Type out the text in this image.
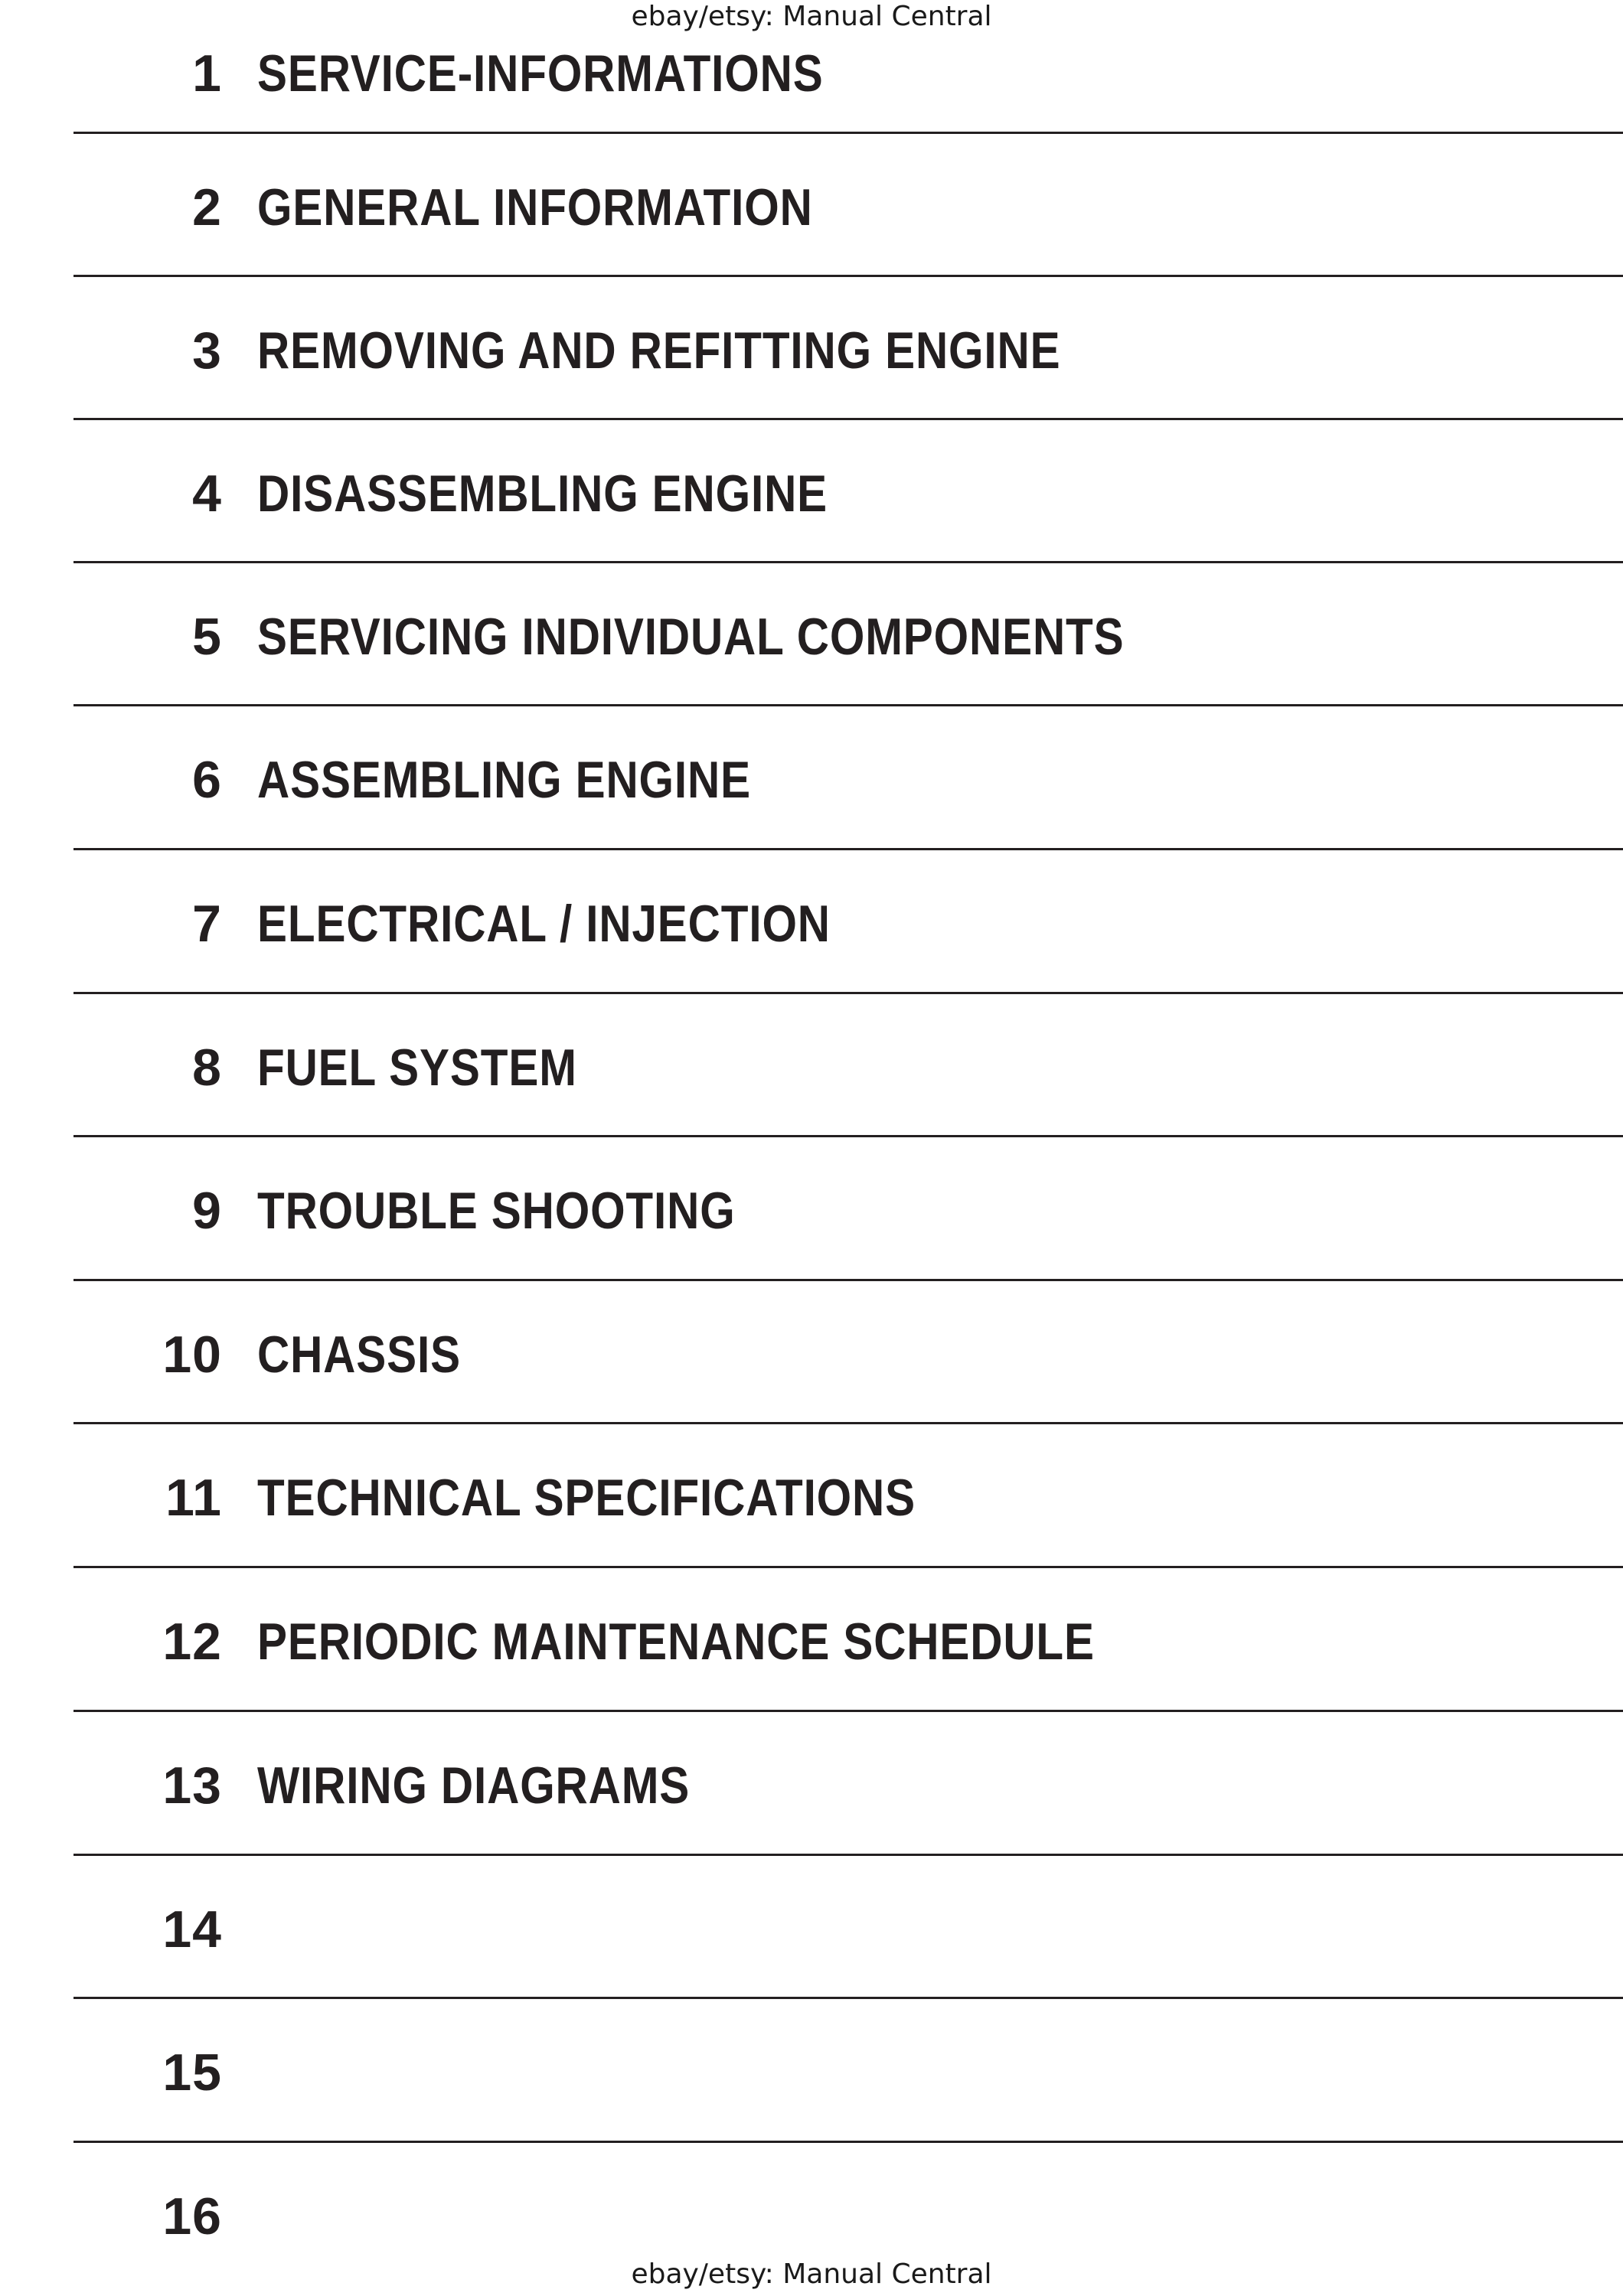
ebay/etsy: Manual Central
1 SERVICE-INFORMATIONS
2 GENERAL INFORMATION
3 REMOVING AND REFITTING ENGINE
4 DISASSEMBLING ENGINE
5 SERVICING INDIVIDUAL COMPONENTS
6 ASSEMBLING ENGINE
7 ELECTRICAL / INJECTION
8 FUEL SYSTEM
9 TROUBLE SHOOTING
10 CHASSIS
11 TECHNICAL SPECIFICATIONS
12 PERIODIC MAINTENANCE SCHEDULE
13 WIRING DIAGRAMS
14
15
16
ebay/etsy: Manual Central
